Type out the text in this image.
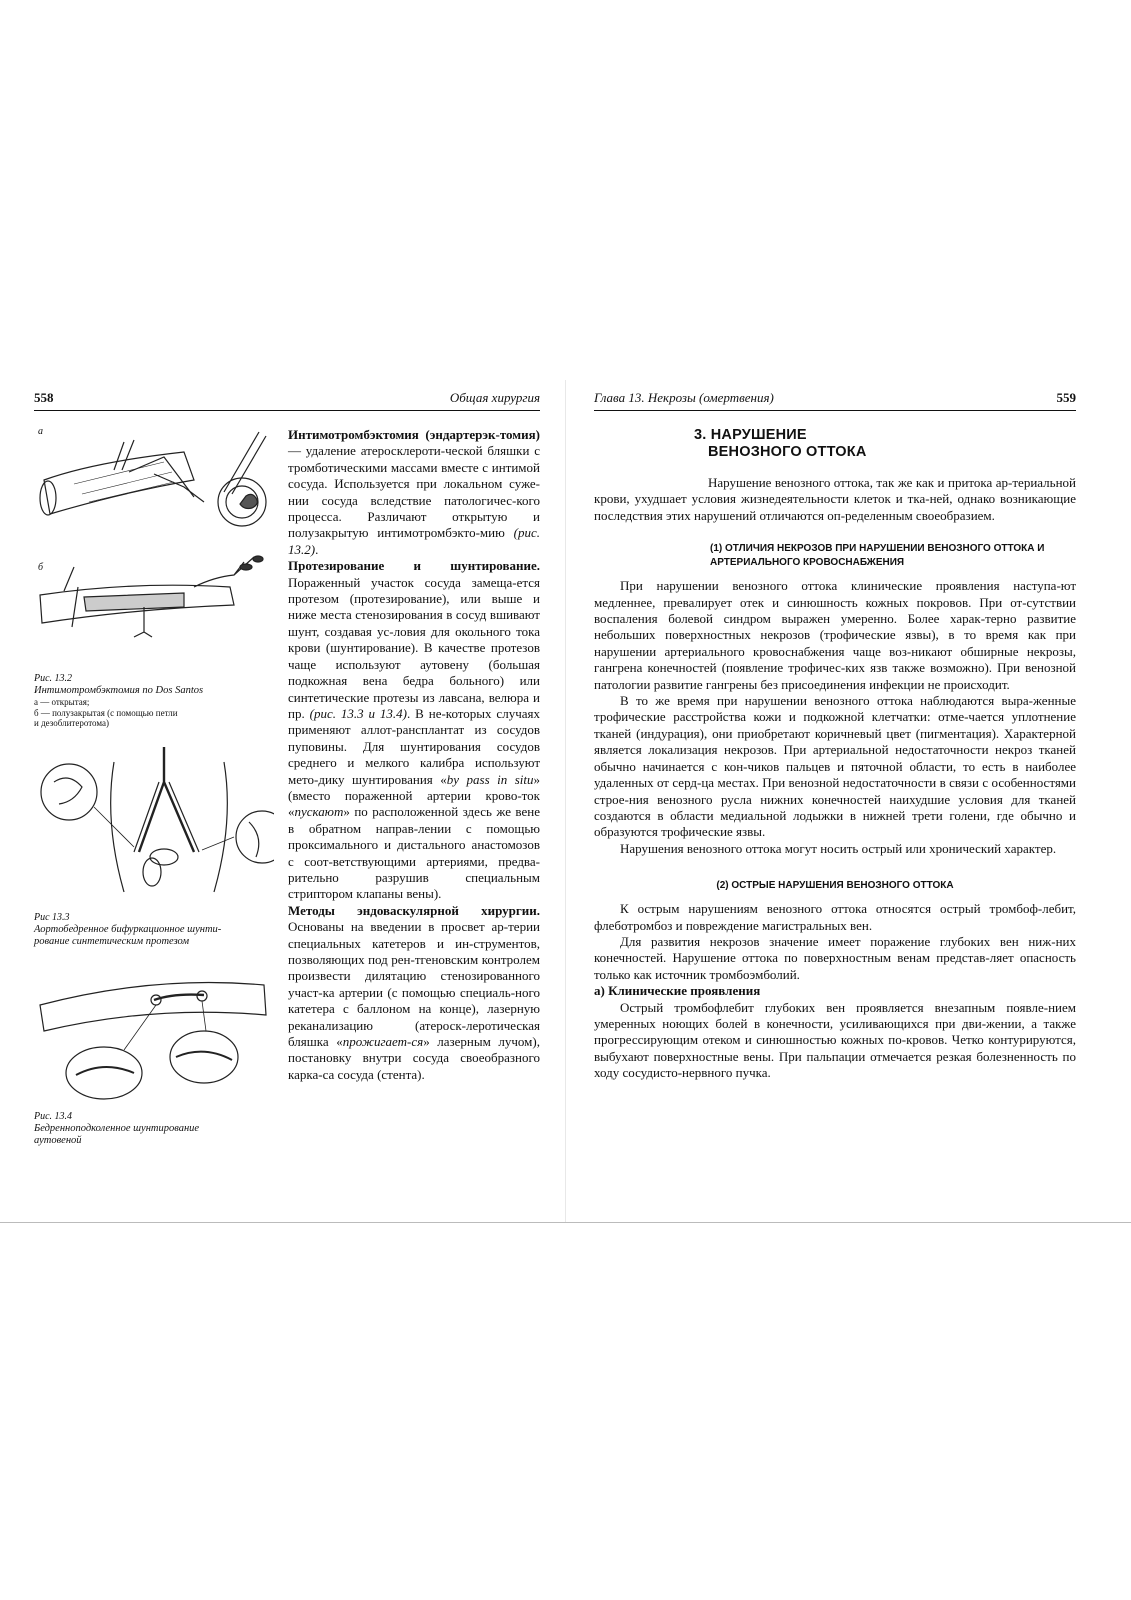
558	Общая хирургия
а
б
Рис. 13.2
Интимотромбэктомия по Dos Santos
а — открытая;
б — полузакрытая (с помощью петли
и дезоблитеротома)
Рис 13.3
Аортобедренное бифуркационное шунти-
рование синтетическим протезом
Рис. 13.4
Бедренноподколенное шунтирование
аутовеной

Интимотромбэктомия (эндартерэк-томия) — удаление атеросклероти-ческой бляшки с тромботическими массами вместе с интимой сосуда. Используется при локальном суже-нии сосуда вследствие патологичес-кого процесса. Различают открытую и полузакрытую интимотромбэкто-мию (рис. 13.2).

Протезирование и шунтирование. Пораженный участок сосуда замеща-ется протезом (протезирование), или выше и ниже места стенозирования в сосуд вшивают шунт, создавая ус-ловия для окольного тока крови (шунтирование). В качестве протезов чаще используют аутовену (большая подкожная вена бедра больного) или синтетические протезы из лавсана, велюра и пр. (рис. 13.3 и 13.4). В не-которых случаях применяют аллот-рансплантат из сосудов пуповины. Для шунтирования сосудов среднего и мелкого калибра используют мето-дику шунтирования «by pass in situ» (вместо пораженной артерии крово-ток «пускают» по расположенной здесь же вене в обратном направ-лении с помощью проксимального и дистального анастомозов с соот-ветствующими артериями, предва-рительно разрушив специальным стриптором клапаны вены).

Методы эндоваскулярной хирургии. Основаны на введении в просвет ар-терии специальных катетеров и ин-струментов, позволяющих под рен-тгеновским контролем произвести дилятацию стенозированного участ-ка артерии (с помощью специаль-ного катетера с баллоном на конце), лазерную реканализацию (атероск-леротическая бляшка «прожигает-ся» лазерным лучом), постановку внутри сосуда своеобразного карка-са сосуда (стента).

Глава 13. Некрозы (омертвения)	559
3. НАРУШЕНИЕ
ВЕНОЗНОГО ОТТОКА

Нарушение венозного оттока, так же как и притока ар-териальной крови, ухудшает условия жизнедеятельности клеток и тка-ней, однако возникающие последствия этих нарушений отличаются оп-ределенным своеобразием.

(1) ОТЛИЧИЯ НЕКРОЗОВ ПРИ НАРУШЕНИИ ВЕНОЗНОГО ОТТОКА И
АРТЕРИАЛЬНОГО КРОВОСНАБЖЕНИЯ

При нарушении венозного оттока клинические проявления наступа-ют медленнее, превалирует отек и синюшность кожных покровов. При от-сутствии воспаления болевой синдром выражен умеренно. Более харак-терно развитие небольших поверхностных некрозов (трофические язвы), в то время как при нарушении артериального кровоснабжения чаще воз-никают обширные некрозы, гангрена конечностей (появление трофичес-ких язв также возможно). При венозной патологии развитие гангрены без присоединения инфекции не происходит.

В то же время при нарушении венозного оттока наблюдаются выра-женные трофические расстройства кожи и подкожной клетчатки: отме-чается уплотнение тканей (индурация), они приобретают коричневый цвет (пигментация). Характерной является локализация некрозов. При артериальной недостаточности некроз тканей обычно начинается с кон-чиков пальцев и пяточной области, то есть в наиболее удаленных от серд-ца местах. При венозной недостаточности в связи с особенностями строе-ния венозного русла нижних конечностей наихудшие условия для тканей создаются в области медиальной лодыжки в нижней трети голени, где обычно и образуются трофические язвы.

Нарушения венозного оттока могут носить острый или хронический характер.

(2) ОСТРЫЕ НАРУШЕНИЯ ВЕНОЗНОГО ОТТОКА

К острым нарушениям венозного оттока относятся острый тромбоф-лебит, флеботромбоз и повреждение магистральных вен.

Для развития некрозов значение имеет поражение глубоких вен ниж-них конечностей. Нарушение оттока по поверхностным венам представ-ляет опасность только как источник тромбоэмболий.

а) Клинические проявления

Острый тромбофлебит глубоких вен проявляется внезапным появле-нием умеренных ноющих болей в конечности, усиливающихся при дви-жении, а также прогрессирующим отеком и синюшностью кожных по-кровов. Четко контурируются, выбухают поверхностные вены. При пальпации отмечается резкая болезненность по ходу сосудисто-нервного пучка.
